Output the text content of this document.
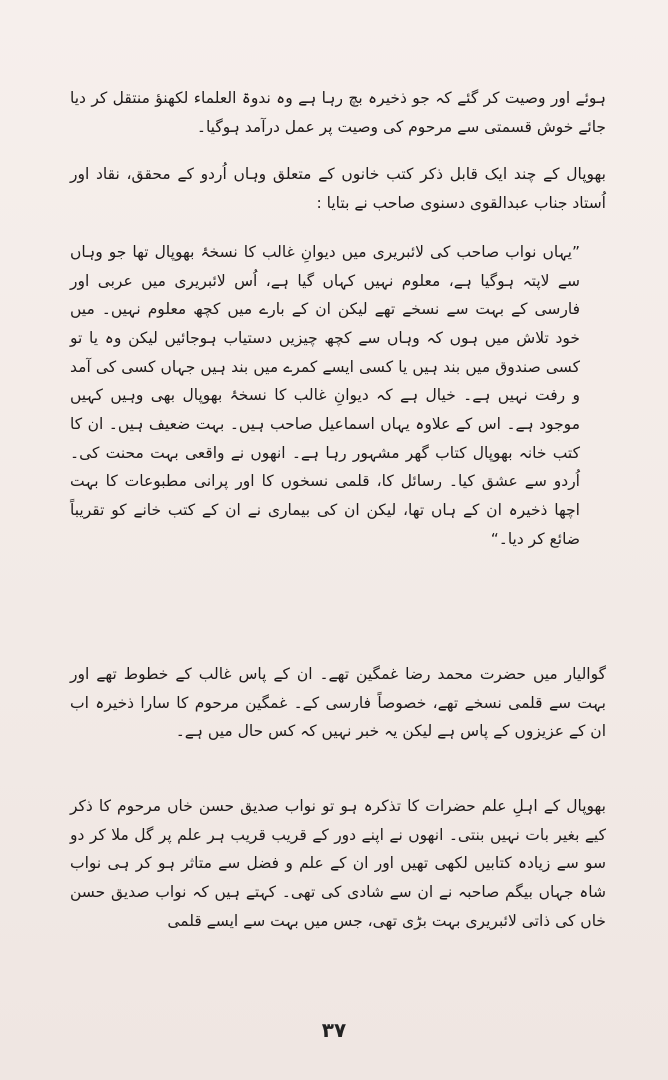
ہوئے اور وصیت کر گئے کہ جو ذخیرہ بچ رہا ہے وہ ندوۃ العلماء لکھنؤ منتقل کر دیا جائے خوش قسمتی سے مرحوم کی وصیت پر عمل درآمد ہوگیا۔

بھوپال کے چند ایک قابل ذکر کتب خانوں کے متعلق وہاں اُردو کے محقق، نقاد اور اُستاد جناب عبدالقوی دسنوی صاحب نے بتایا :

”یہاں نواب صاحب کی لائبریری میں دیوانِ غالب کا نسخۂ بھوپال تھا جو وہاں سے لاپتہ ہوگیا ہے، معلوم نہیں کہاں گیا ہے، اُس لائبریری میں عربی اور فارسی کے بہت سے نسخے تھے لیکن ان کے بارے میں کچھ معلوم نہیں۔ میں خود تلاش میں ہوں کہ وہاں سے کچھ چیزیں دستیاب ہوجائیں لیکن وہ یا تو کسی صندوق میں بند ہیں یا کسی ایسے کمرے میں بند ہیں جہاں کسی کی آمد و رفت نہیں ہے۔ خیال ہے کہ دیوانِ غالب کا نسخۂ بھوپال بھی وہیں کہیں موجود ہے۔ اس کے علاوہ یہاں اسماعیل صاحب ہیں۔ بہت ضعیف ہیں۔ ان کا کتب خانہ بھوپال کتاب گھر مشہور رہا ہے۔ انھوں نے واقعی بہت محنت کی۔ اُردو سے عشق کیا۔ رسائل کا، قلمی نسخوں کا اور پرانی مطبوعات کا بہت اچھا ذخیرہ ان کے ہاں تھا، لیکن ان کی بیماری نے ان کے کتب خانے کو تقریباً ضائع کر دیا۔“

گوالیار میں حضرت محمد رضا غمگین تھے۔ ان کے پاس غالب کے خطوط تھے اور بہت سے قلمی نسخے تھے، خصوصاً فارسی کے۔ غمگین مرحوم کا سارا ذخیرہ اب ان کے عزیزوں کے پاس ہے لیکن یہ خبر نہیں کہ کس حال میں ہے۔

بھوپال کے اہلِ علم حضرات کا تذکرہ ہو تو نواب صدیق حسن خاں مرحوم کا ذکر کیے بغیر بات نہیں بنتی۔ انھوں نے اپنے دور کے قریب قریب ہر علم پر گل ملا کر دو سو سے زیادہ کتابیں لکھی تھیں اور ان کے علم و فضل سے متاثر ہو کر ہی نواب شاہ جہاں بیگم صاحبہ نے ان سے شادی کی تھی۔ کہتے ہیں کہ نواب صدیق حسن خاں کی ذاتی لائبریری بہت بڑی تھی، جس میں بہت سے ایسے قلمی

۳۷
